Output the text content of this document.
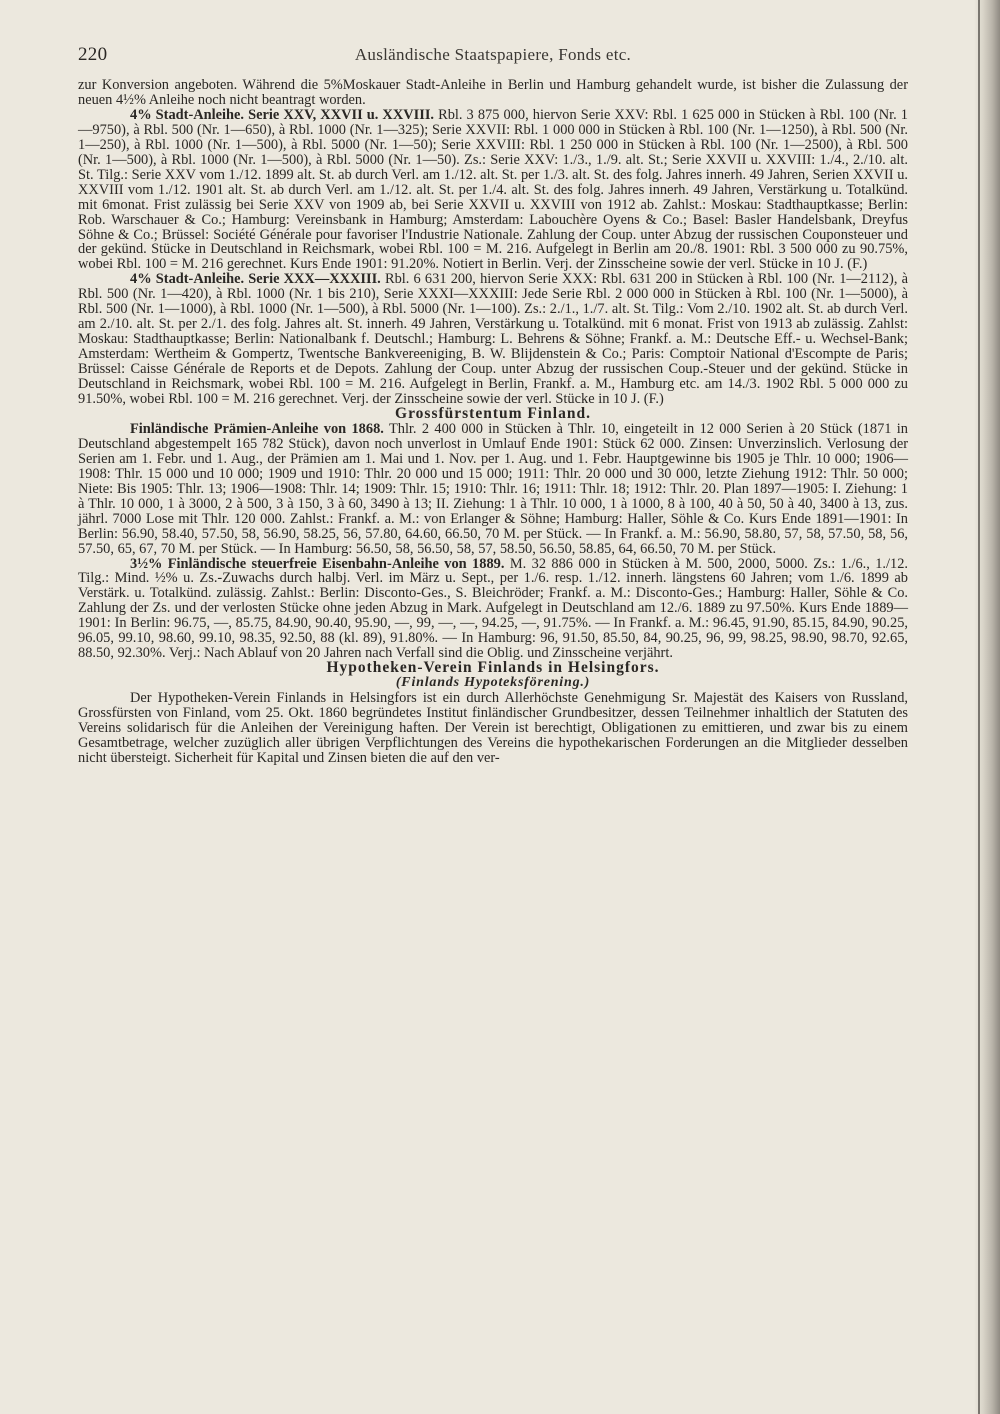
220	Ausländische Staatspapiere, Fonds etc.

zur Konversion angeboten. Während die 5%Moskauer Stadt-Anleihe in Berlin und Hamburg gehandelt wurde, ist bisher die Zulassung der neuen 4½% Anleihe noch nicht beantragt worden.

4% Stadt-Anleihe. Serie XXV, XXVII u. XXVIII. Rbl. 3 875 000, hiervon Serie XXV: Rbl. 1 625 000 in Stücken à Rbl. 100 (Nr. 1—9750), à Rbl. 500 (Nr. 1—650), à Rbl. 1000 (Nr. 1—325); Serie XXVII: Rbl. 1 000 000 in Stücken à Rbl. 100 (Nr. 1—1250), à Rbl. 500 (Nr. 1—250), à Rbl. 1000 (Nr. 1—500), à Rbl. 5000 (Nr. 1—50); Serie XXVIII: Rbl. 1 250 000 in Stücken à Rbl. 100 (Nr. 1—2500), à Rbl. 500 (Nr. 1—500), à Rbl. 1000 (Nr. 1—500), à Rbl. 5000 (Nr. 1—50). Zs.: Serie XXV: 1./3., 1./9. alt. St.; Serie XXVII u. XXVIII: 1./4., 2./10. alt. St. Tilg.: Serie XXV vom 1./12. 1899 alt. St. ab durch Verl. am 1./12. alt. St. per 1./3. alt. St. des folg. Jahres innerh. 49 Jahren, Serien XXVII u. XXVIII vom 1./12. 1901 alt. St. ab durch Verl. am 1./12. alt. St. per 1./4. alt. St. des folg. Jahres innerh. 49 Jahren, Verstärkung u. Totalkünd. mit 6monat. Frist zulässig bei Serie XXV von 1909 ab, bei Serie XXVII u. XXVIII von 1912 ab. Zahlst.: Moskau: Stadthauptkasse; Berlin: Rob. Warschauer & Co.; Hamburg: Vereinsbank in Hamburg; Amsterdam: Labouchère Oyens & Co.; Basel: Basler Handelsbank, Dreyfus Söhne & Co.; Brüssel: Société Générale pour favoriser l'Industrie Nationale. Zahlung der Coup. unter Abzug der russischen Couponsteuer und der gekünd. Stücke in Deutschland in Reichsmark, wobei Rbl. 100 = M. 216. Aufgelegt in Berlin am 20./8. 1901: Rbl. 3 500 000 zu 90.75%, wobei Rbl. 100 = M. 216 gerechnet. Kurs Ende 1901: 91.20%. Notiert in Berlin. Verj. der Zinsscheine sowie der verl. Stücke in 10 J. (F.)

4% Stadt-Anleihe. Serie XXX—XXXIII. Rbl. 6 631 200, hiervon Serie XXX: Rbl. 631 200 in Stücken à Rbl. 100 (Nr. 1—2112), à Rbl. 500 (Nr. 1—420), à Rbl. 1000 (Nr. 1 bis 210), Serie XXXI—XXXIII: Jede Serie Rbl. 2 000 000 in Stücken à Rbl. 100 (Nr. 1—5000), à Rbl. 500 (Nr. 1—1000), à Rbl. 1000 (Nr. 1—500), à Rbl. 5000 (Nr. 1—100). Zs.: 2./1., 1./7. alt. St. Tilg.: Vom 2./10. 1902 alt. St. ab durch Verl. am 2./10. alt. St. per 2./1. des folg. Jahres alt. St. innerh. 49 Jahren, Verstärkung u. Totalkünd. mit 6 monat. Frist von 1913 ab zulässig. Zahlst: Moskau: Stadthauptkasse; Berlin: Nationalbank f. Deutschl.; Hamburg: L. Behrens & Söhne; Frankf. a. M.: Deutsche Eff.- u. Wechsel-Bank; Amsterdam: Wertheim & Gompertz, Twentsche Bankvereeniging, B. W. Blijdenstein & Co.; Paris: Comptoir National d'Escompte de Paris; Brüssel: Caisse Générale de Reports et de Depots. Zahlung der Coup. unter Abzug der russischen Coup.-Steuer und der gekünd. Stücke in Deutschland in Reichsmark, wobei Rbl. 100 = M. 216. Aufgelegt in Berlin, Frankf. a. M., Hamburg etc. am 14./3. 1902 Rbl. 5 000 000 zu 91.50%, wobei Rbl. 100 = M. 216 gerechnet. Verj. der Zinsscheine sowie der verl. Stücke in 10 J. (F.)

Grossfürstentum Finland.

Finländische Prämien-Anleihe von 1868. Thlr. 2 400 000 in Stücken à Thlr. 10, eingeteilt in 12 000 Serien à 20 Stück (1871 in Deutschland abgestempelt 165 782 Stück), davon noch unverlost in Umlauf Ende 1901: Stück 62 000. Zinsen: Unverzinslich. Verlosung der Serien am 1. Febr. und 1. Aug., der Prämien am 1. Mai und 1. Nov. per 1. Aug. und 1. Febr. Hauptgewinne bis 1905 je Thlr. 10 000; 1906—1908: Thlr. 15 000 und 10 000; 1909 und 1910: Thlr. 20 000 und 15 000; 1911: Thlr. 20 000 und 30 000, letzte Ziehung 1912: Thlr. 50 000; Niete: Bis 1905: Thlr. 13; 1906—1908: Thlr. 14; 1909: Thlr. 15; 1910: Thlr. 16; 1911: Thlr. 18; 1912: Thlr. 20. Plan 1897—1905: I. Ziehung: 1 à Thlr. 10 000, 1 à 3000, 2 à 500, 3 à 150, 3 à 60, 3490 à 13; II. Ziehung: 1 à Thlr. 10 000, 1 à 1000, 8 à 100, 40 à 50, 50 à 40, 3400 à 13, zus. jährl. 7000 Lose mit Thlr. 120 000. Zahlst.: Frankf. a. M.: von Erlanger & Söhne; Hamburg: Haller, Söhle & Co. Kurs Ende 1891—1901: In Berlin: 56.90, 58.40, 57.50, 58, 56.90, 58.25, 56, 57.80, 64.60, 66.50, 70 M. per Stück. — In Frankf. a. M.: 56.90, 58.80, 57, 58, 57.50, 58, 56, 57.50, 65, 67, 70 M. per Stück. — In Hamburg: 56.50, 58, 56.50, 58, 57, 58.50, 56.50, 58.85, 64, 66.50, 70 M. per Stück.

3½% Finländische steuerfreie Eisenbahn-Anleihe von 1889. M. 32 886 000 in Stücken à M. 500, 2000, 5000. Zs.: 1./6., 1./12. Tilg.: Mind. ½% u. Zs.-Zuwachs durch halbj. Verl. im März u. Sept., per 1./6. resp. 1./12. innerh. längstens 60 Jahren; vom 1./6. 1899 ab Verstärk. u. Totalkünd. zulässig. Zahlst.: Berlin: Disconto-Ges., S. Bleichröder; Frankf. a. M.: Disconto-Ges.; Hamburg: Haller, Söhle & Co. Zahlung der Zs. und der verlosten Stücke ohne jeden Abzug in Mark. Aufgelegt in Deutschland am 12./6. 1889 zu 97.50%. Kurs Ende 1889—1901: In Berlin: 96.75, —, 85.75, 84.90, 90.40, 95.90, —, 99, —, —, 94.25, —, 91.75%. — In Frankf. a. M.: 96.45, 91.90, 85.15, 84.90, 90.25, 96.05, 99.10, 98.60, 99.10, 98.35, 92.50, 88 (kl. 89), 91.80%. — In Hamburg: 96, 91.50, 85.50, 84, 90.25, 96, 99, 98.25, 98.90, 98.70, 92.65, 88.50, 92.30%. Verj.: Nach Ablauf von 20 Jahren nach Verfall sind die Oblig. und Zinsscheine verjährt.

Hypotheken-Verein Finlands in Helsingfors.

(Finlands Hypoteksförening.)

Der Hypotheken-Verein Finlands in Helsingfors ist ein durch Allerhöchste Genehmigung Sr. Majestät des Kaisers von Russland, Grossfürsten von Finland, vom 25. Okt. 1860 begründetes Institut finländischer Grundbesitzer, dessen Teilnehmer inhaltlich der Statuten des Vereins solidarisch für die Anleihen der Vereinigung haften. Der Verein ist berechtigt, Obligationen zu emittieren, und zwar bis zu einem Gesamtbetrage, welcher zuzüglich aller übrigen Verpflichtungen des Vereins die hypothekarischen Forderungen an die Mitglieder desselben nicht übersteigt. Sicherheit für Kapital und Zinsen bieten die auf den ver-
